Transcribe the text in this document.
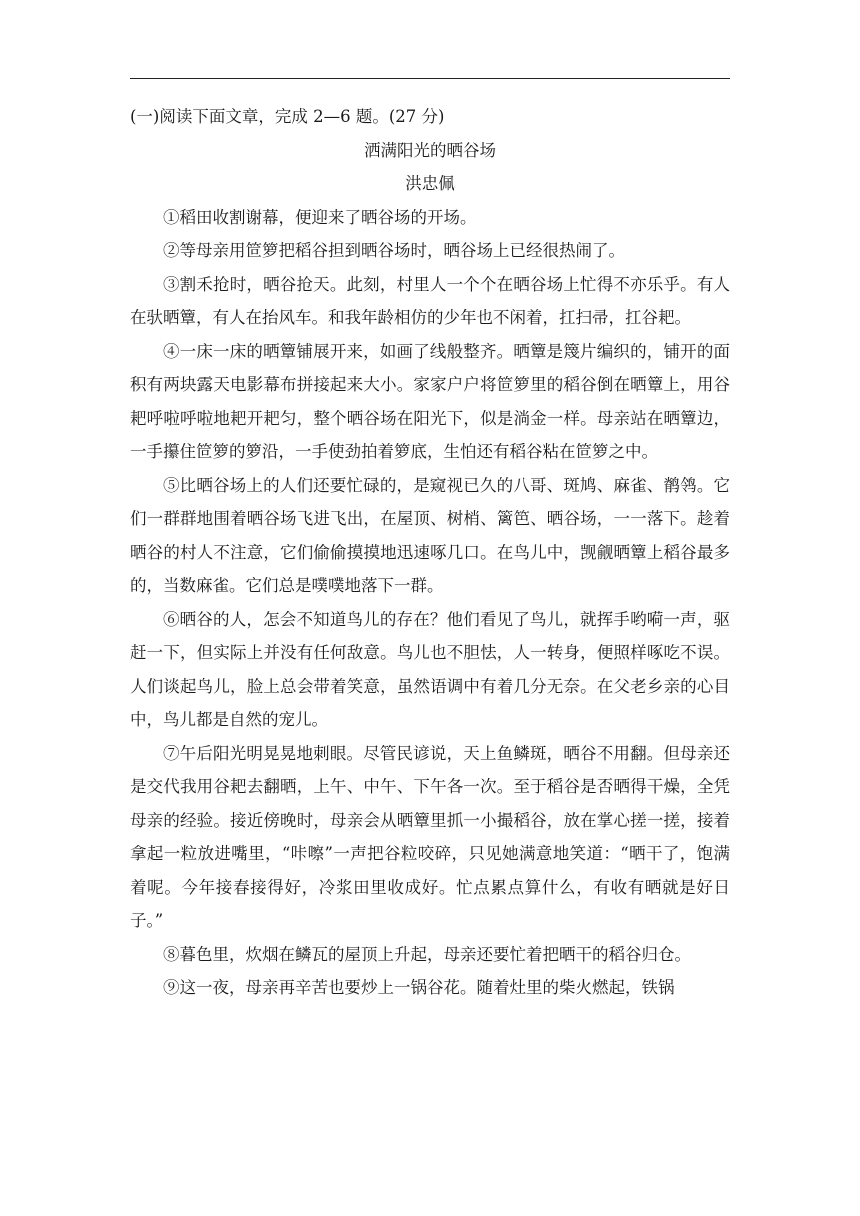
(一)阅读下面文章，完成 2—6 题。(27 分)

洒满阳光的晒谷场

洪忠佩

①稻田收割谢幕，便迎来了晒谷场的开场。

②等母亲用笸箩把稻谷担到晒谷场时，晒谷场上已经很热闹了。

③割禾抢时，晒谷抢天。此刻，村里人一个个在晒谷场上忙得不亦乐乎。有人在驮晒簟，有人在抬风车。和我年龄相仿的少年也不闲着，扛扫帚，扛谷耙。

④一床一床的晒簟铺展开来，如画了线般整齐。晒簟是篾片编织的，铺开的面积有两块露天电影幕布拼接起来大小。家家户户将笸箩里的稻谷倒在晒簟上，用谷耙呼啦呼啦地耙开耙匀，整个晒谷场在阳光下，似是淌金一样。母亲站在晒簟边，一手攥住笸箩的箩沿，一手使劲拍着箩底，生怕还有稻谷粘在笸箩之中。

⑤比晒谷场上的人们还要忙碌的，是窥视已久的八哥、斑鸠、麻雀、鹡鸰。它们一群群地围着晒谷场飞进飞出，在屋顶、树梢、篱笆、晒谷场，一一落下。趁着晒谷的村人不注意，它们偷偷摸摸地迅速啄几口。在鸟儿中，觊觎晒簟上稻谷最多的，当数麻雀。它们总是噗噗地落下一群。

⑥晒谷的人，怎会不知道鸟儿的存在？他们看见了鸟儿，就挥手哟嗬一声，驱赶一下，但实际上并没有任何敌意。鸟儿也不胆怯，人一转身，便照样啄吃不误。人们谈起鸟儿，脸上总会带着笑意，虽然语调中有着几分无奈。在父老乡亲的心目中，鸟儿都是自然的宠儿。

⑦午后阳光明晃晃地刺眼。尽管民谚说，天上鱼鳞斑，晒谷不用翻。但母亲还是交代我用谷耙去翻晒，上午、中午、下午各一次。至于稻谷是否晒得干燥，全凭母亲的经验。接近傍晚时，母亲会从晒簟里抓一小撮稻谷，放在掌心搓一搓，接着拿起一粒放进嘴里，“咔嚓”一声把谷粒咬碎，只见她满意地笑道：“晒干了，饱满着呢。今年接春接得好，冷浆田里收成好。忙点累点算什么，有收有晒就是好日子。”

⑧暮色里，炊烟在鳞瓦的屋顶上升起，母亲还要忙着把晒干的稻谷归仓。

⑨这一夜，母亲再辛苦也要炒上一锅谷花。随着灶里的柴火燃起，铁锅
